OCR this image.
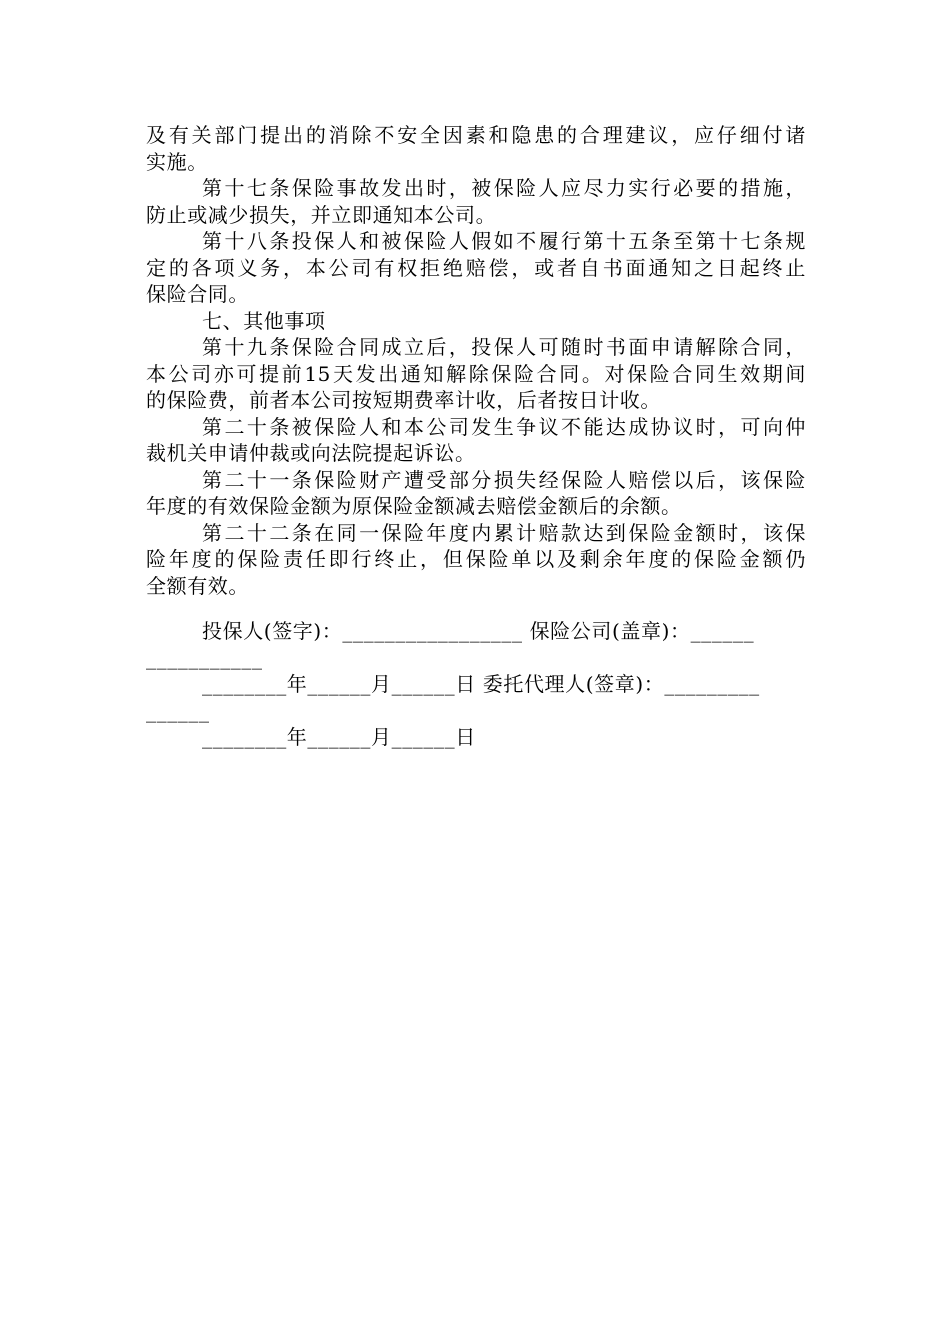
及有关部门提出的消除不安全因素和隐患的合理建议，应仔细付诸
实施。
第十七条保险事故发出时，被保险人应尽力实行必要的措施，
防止或减少损失，并立即通知本公司。
第十八条投保人和被保险人假如不履行第十五条至第十七条规
定的各项义务，本公司有权拒绝赔偿，或者自书面通知之日起终止
保险合同。
七、其他事项
第十九条保险合同成立后，投保人可随时书面申请解除合同，
本公司亦可提前15天发出通知解除保险合同。对保险合同生效期间
的保险费，前者本公司按短期费率计收，后者按日计收。
第二十条被保险人和本公司发生争议不能达成协议时，可向仲
裁机关申请仲裁或向法院提起诉讼。
第二十一条保险财产遭受部分损失经保险人赔偿以后，该保险
年度的有效保险金额为原保险金额减去赔偿金额后的余额。
第二十二条在同一保险年度内累计赔款达到保险金额时，该保
险年度的保险责任即行终止，但保险单以及剩余年度的保险金额仍
全额有效。
投保人(签字)：_________________ 保险公司(盖章)：______
___________
________年______月______日 委托代理人(签章)：_________
______
________年______月______日
